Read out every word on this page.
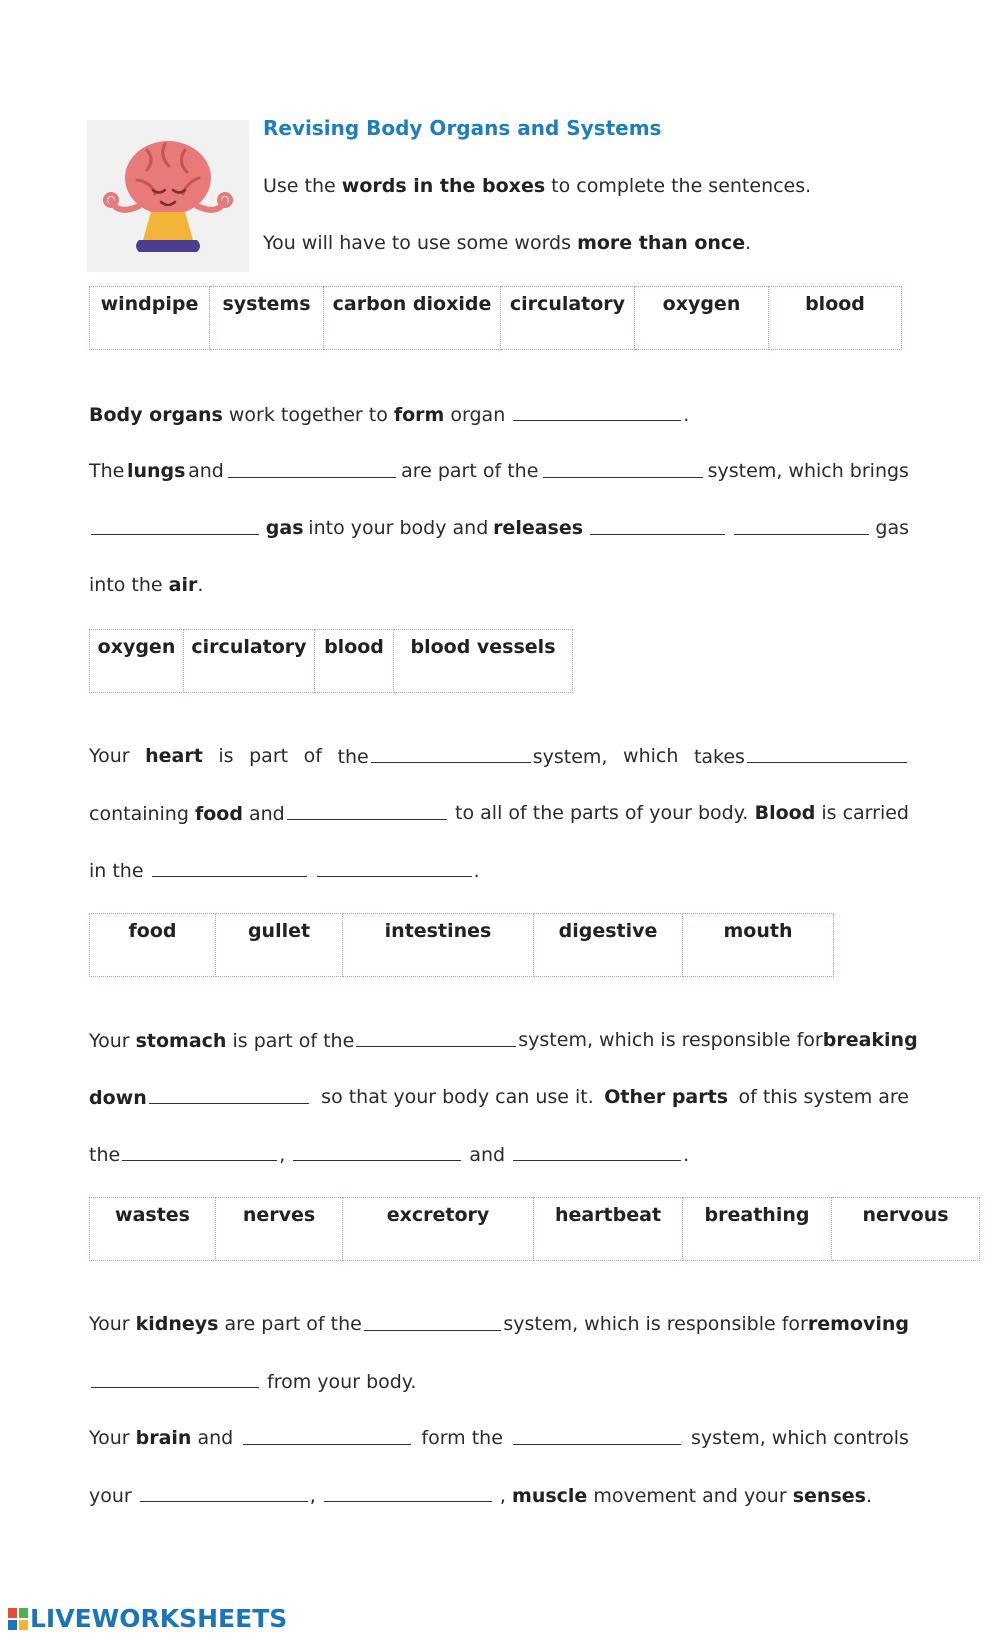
Revising Body Organs and Systems
Use the words in the boxes to complete the sentences.
You will have to use some words more than once.
windpipe	systems	carbon dioxide	circulatory	oxygen	blood
Body organs work together to form organ	.
The lungs and	are part of the	system, which brings
gas into your body and releases	gas
into the air.
oxygen	circulatory	blood	blood vessels
Your heart is part of the	system, which takes
containing food and	to all of the parts of your body. Blood is carried
in the	.
food	gullet	intestines	digestive	mouth
Your stomach is part of the	system, which is responsible for breaking
down	so that your body can use it. Other parts of this system are
the	,	and	.
wastes	nerves	excretory	heartbeat	breathing	nervous
Your kidneys are part of the	system, which is responsible for removing
from your body.
Your brain and	form the	system, which controls
your	,	, muscle movement and your senses.
LIVEWORKSHEETS
